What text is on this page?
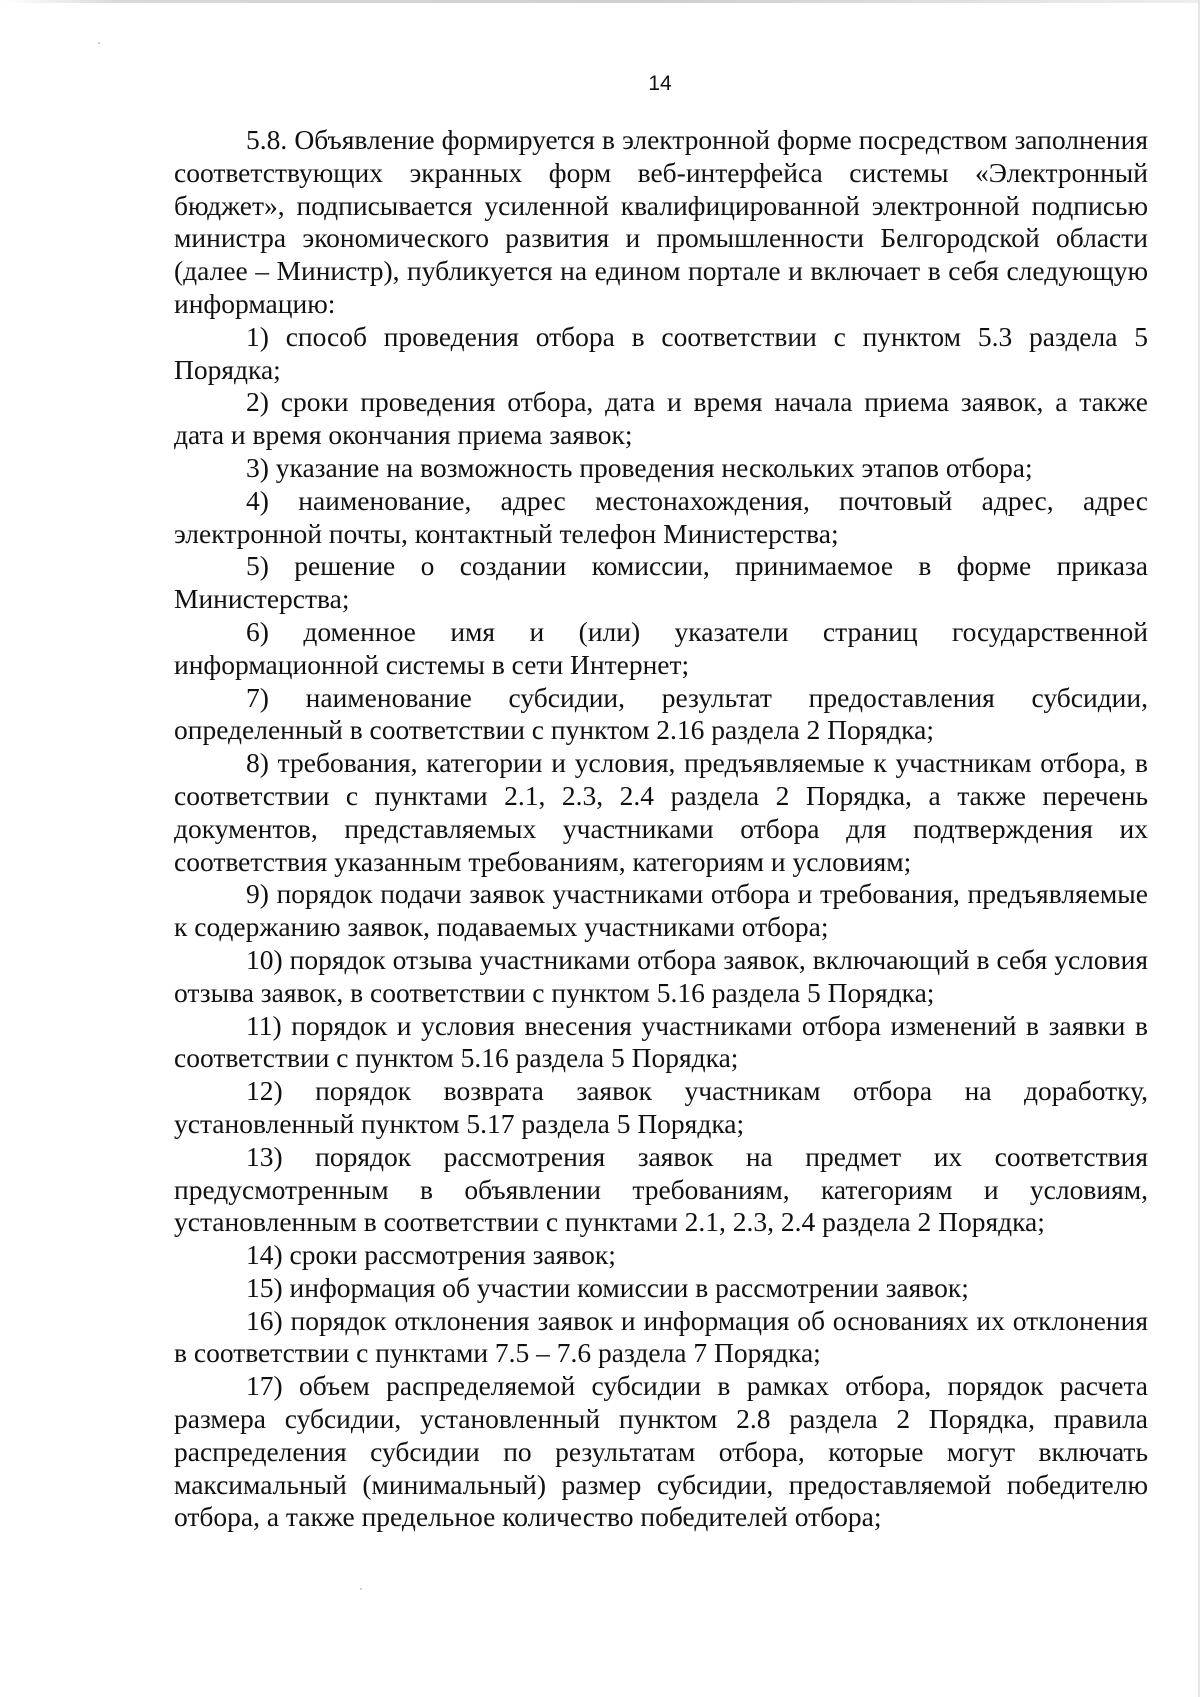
14

5.8. Объявление формируется в электронной форме посредством заполнения соответствующих экранных форм веб-интерфейса системы «Электронный бюджет», подписывается усиленной квалифицированной электронной подписью министра экономического развития и промышленности Белгородской области (далее – Министр), публикуется на едином портале и включает в себя следующую информацию:

1) способ проведения отбора в соответствии с пунктом 5.3 раздела 5 Порядка;

2) сроки проведения отбора, дата и время начала приема заявок, а также дата и время окончания приема заявок;

3) указание на возможность проведения нескольких этапов отбора;

4) наименование, адрес местонахождения, почтовый адрес, адрес электронной почты, контактный телефон Министерства;

5) решение о создании комиссии, принимаемое в форме приказа Министерства;

6) доменное имя и (или) указатели страниц государственной информационной системы в сети Интернет;

7) наименование субсидии, результат предоставления субсидии, определенный в соответствии с пунктом 2.16 раздела 2 Порядка;

8) требования, категории и условия, предъявляемые к участникам отбора, в соответствии с пунктами 2.1, 2.3, 2.4 раздела 2 Порядка, а также перечень документов, представляемых участниками отбора для подтверждения их соответствия указанным требованиям, категориям и условиям;

9) порядок подачи заявок участниками отбора и требования, предъявляемые к содержанию заявок, подаваемых участниками отбора;

10) порядок отзыва участниками отбора заявок, включающий в себя условия отзыва заявок, в соответствии с пунктом 5.16 раздела 5 Порядка;

11) порядок и условия внесения участниками отбора изменений в заявки в соответствии с пунктом 5.16 раздела 5 Порядка;

12) порядок возврата заявок участникам отбора на доработку, установленный пунктом 5.17 раздела 5 Порядка;

13) порядок рассмотрения заявок на предмет их соответствия предусмотренным в объявлении требованиям, категориям и условиям, установленным в соответствии с пунктами 2.1, 2.3, 2.4 раздела 2 Порядка;

14) сроки рассмотрения заявок;

15) информация об участии комиссии в рассмотрении заявок;

16) порядок отклонения заявок и информация об основаниях их отклонения в соответствии с пунктами 7.5 – 7.6 раздела 7 Порядка;

17) объем распределяемой субсидии в рамках отбора, порядок расчета размера субсидии, установленный пунктом 2.8 раздела 2 Порядка, правила распределения субсидии по результатам отбора, которые могут включать максимальный (минимальный) размер субсидии, предоставляемой победителю отбора, а также предельное количество победителей отбора;
